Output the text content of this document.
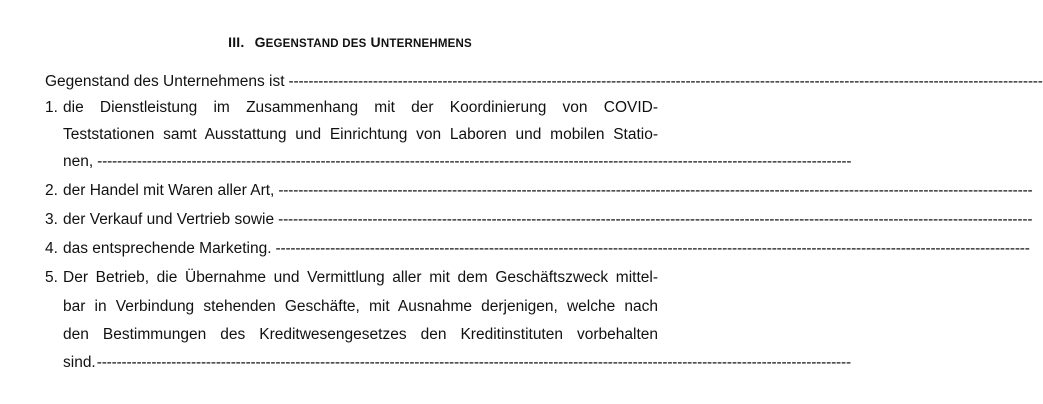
III. GEGENSTAND DES UNTERNEHMENS
Gegenstand des Unternehmens ist --------------------------------------------------------------------------------------------------------------------------------------------------------
1. die Dienstleistung im Zusammenhang mit der Koordinierung von COVID-
Teststationen samt Ausstattung und Einrichtung von Laboren und mobilen Statio-
nen, --------------------------------------------------------------------------------------------------------------------------------------------------------
2. der Handel mit Waren aller Art, --------------------------------------------------------------------------------------------------------------------------------------------------------
3. der Verkauf und Vertrieb sowie --------------------------------------------------------------------------------------------------------------------------------------------------------
4. das entsprechende Marketing. --------------------------------------------------------------------------------------------------------------------------------------------------------
5. Der Betrieb, die Übernahme und Vermittlung aller mit dem Geschäftszweck mittel-
bar in Verbindung stehenden Geschäfte, mit Ausnahme derjenigen, welche nach
den Bestimmungen des Kreditwesengesetzes den Kreditinstituten vorbehalten
sind. --------------------------------------------------------------------------------------------------------------------------------------------------------
